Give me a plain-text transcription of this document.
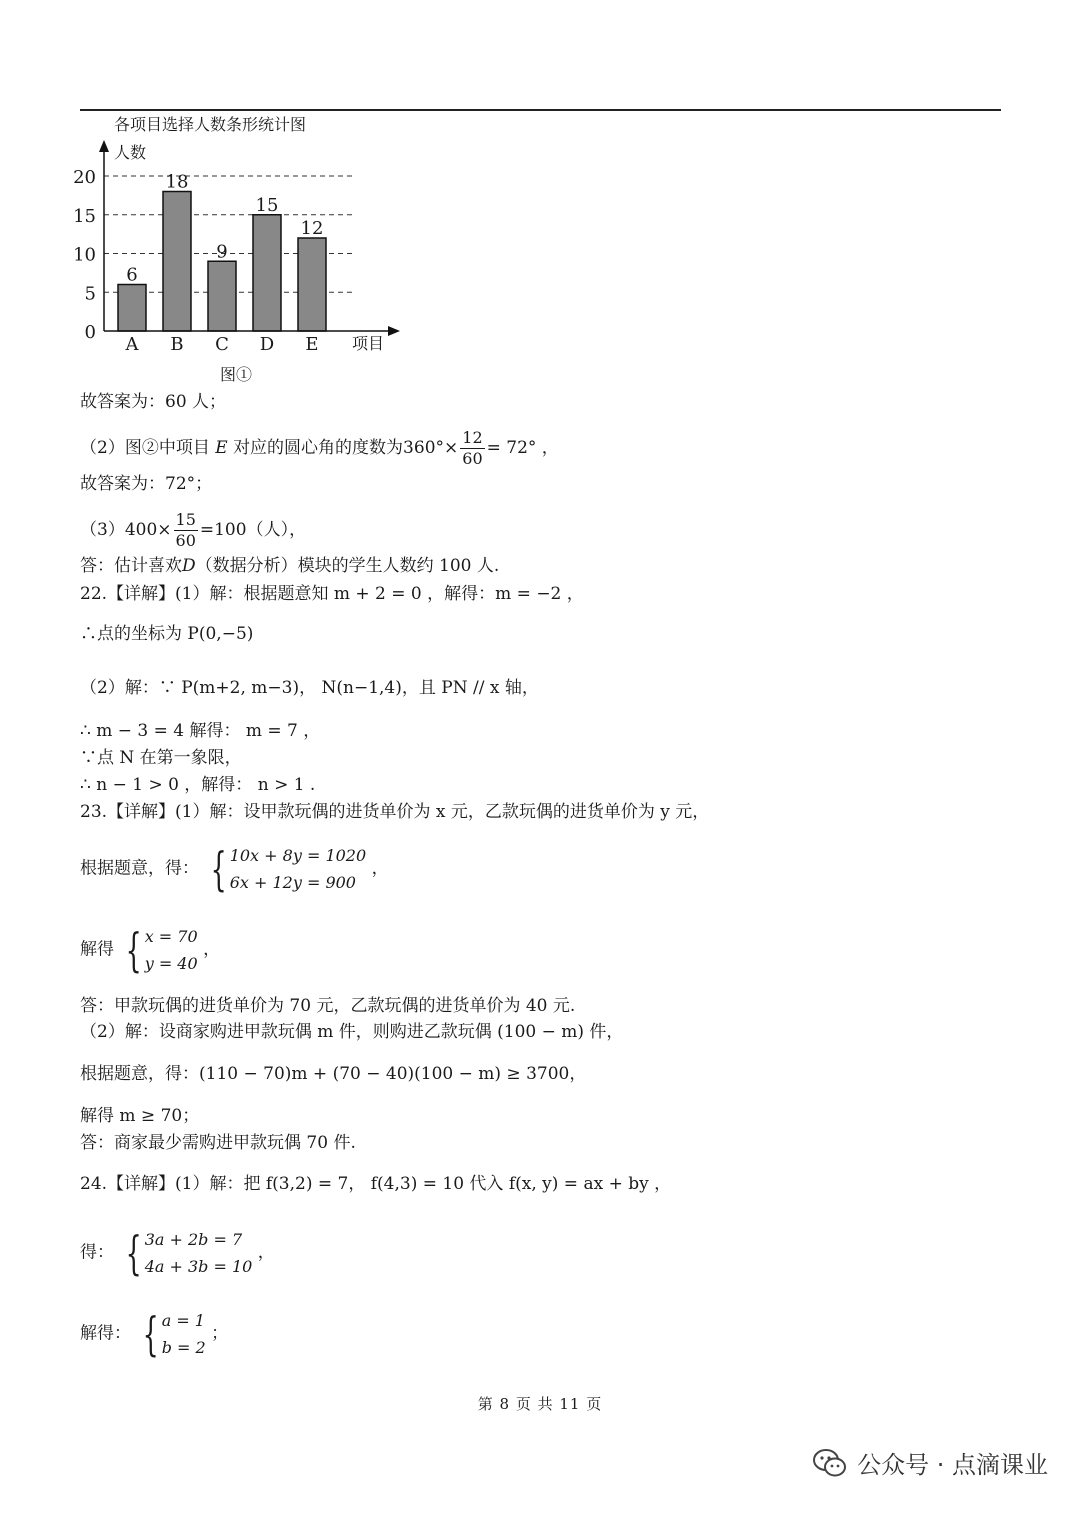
各项目选择人数条形统计图
人数
0
5
10
15
20
6
A
18
B
9
C
15
D
12
E 项目
图①
故答案为：60 人；
（2）图②中项目 E 对应的圆心角的度数为$360^\circ\times \frac{12}{60} = 72^\circ$ ，
故答案为：72°；
$(3)400\times \frac{15}{60} =100$（人），
答：估计喜欢D（数据分析）模块的学生人数约 100 人.
22.【详解】(1）解：根据题意知 m + 2 = 0 ，解得：m = −2 ，
∴点的坐标为 P(0,−5)
（2）解：∵ P(m+2, m−3)， N(n−1,4)，且 PN // x 轴，
∴ m − 3 = 4 解得： m = 7 ，
∵点 N 在第一象限，
∴ n − 1 > 0 ，解得： n > 1 .
23.【详解】(1）解：设甲款玩偶的进货单价为 x 元，乙款玩偶的进货单价为 y 元，
根据题意，得： { 10x + 8y = 1020
6x + 12y = 900
，
解得 { x = 70
y = 40
，
答：甲款玩偶的进货单价为 70 元，乙款玩偶的进货单价为 40 元.
（2）解：设商家购进甲款玩偶 m 件，则购进乙款玩偶 (100 − m) 件，
根据题意，得：(110 − 70)m + (70 − 40)(100 − m) ≥ 3700，
解得 m ≥ 70；
答：商家最少需购进甲款玩偶 70 件.
24.【详解】(1）解：把 f(3,2) = 7， f(4,3) = 10 代入 f(x, y) = ax + by ，
得： { 3a + 2b = 7
4a + 3b = 10
，
解得： { a = 1
b = 2
；
第 8 页 共 11 页
公众号 · 点滴课业
